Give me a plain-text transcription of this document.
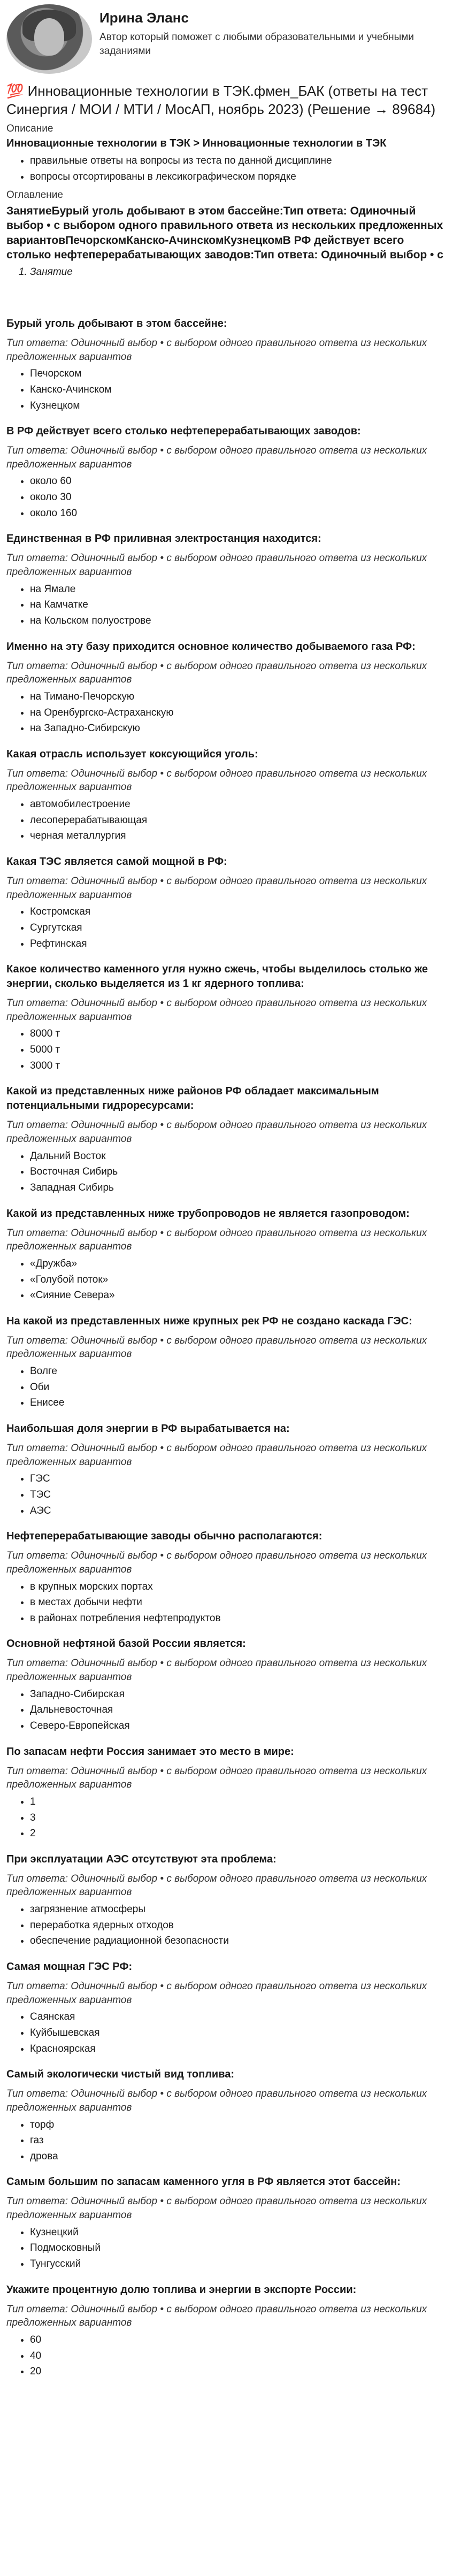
Ирина Эланс

Автор который поможет с любыми образовательными и учебными заданиями

💯 Инновационные технологии в ТЭК.фмен_БАК (ответы на тест Синергия / МОИ / МТИ / МосАП, ноябрь 2023) (Решение → 89684)
Описание
Инновационные технологии в ТЭК > Инновационные технологии в ТЭК
• правильные ответы на вопросы из теста по данной дисциплине
• вопросы отсортированы в лексикографическом порядке
Оглавление
ЗанятиеБурый уголь добывают в этом бассейне:Тип ответа: Одиночный выбор • с выбором одного правильного ответа из нескольких предложенных вариантовПечорскомКанско-АчинскомКузнецкомВ РФ действует всего столько нефтеперерабатывающих заводов:Тип ответа: Одиночный выбор • с
1. Занятие

Бурый уголь добывают в этом бассейне:

Тип ответа: Одиночный выбор • с выбором одного правильного ответа из нескольких предложенных вариантов

• Печорском
• Канско-Ачинском
• Кузнецком

В РФ действует всего столько нефтеперерабатывающих заводов:

Тип ответа: Одиночный выбор • с выбором одного правильного ответа из нескольких предложенных вариантов

• около 60
• около 30
• около 160

Единственная в РФ приливная электростанция находится:

Тип ответа: Одиночный выбор • с выбором одного правильного ответа из нескольких предложенных вариантов

• на Ямале
• на Камчатке
• на Кольском полуострове

Именно на эту базу приходится основное количество добываемого газа РФ:

Тип ответа: Одиночный выбор • с выбором одного правильного ответа из нескольких предложенных вариантов

• на Тимано-Печорскую
• на Оренбургско-Астраханскую
• на Западно-Сибирскую

Какая отрасль использует коксующийся уголь:

Тип ответа: Одиночный выбор • с выбором одного правильного ответа из нескольких предложенных вариантов

• автомобилестроение
• лесоперерабатывающая
• черная металлургия

Какая ТЭС является самой мощной в РФ:

Тип ответа: Одиночный выбор • с выбором одного правильного ответа из нескольких предложенных вариантов

• Костромская
• Сургутская
• Рефтинская

Какое количество каменного угля нужно сжечь, чтобы выделилось столько же энергии, сколько выделяется из 1 кг ядерного топлива:

Тип ответа: Одиночный выбор • с выбором одного правильного ответа из нескольких предложенных вариантов

• 8000 т
• 5000 т
• 3000 т

Какой из представленных ниже районов РФ обладает максимальным потенциальными гидроресурсами:

Тип ответа: Одиночный выбор • с выбором одного правильного ответа из нескольких предложенных вариантов

• Дальний Восток
• Восточная Сибирь
• Западная Сибирь

Какой из представленных ниже трубопроводов не является газопроводом:

Тип ответа: Одиночный выбор • с выбором одного правильного ответа из нескольких предложенных вариантов

• «Дружба»
• «Голубой поток»
• «Сияние Севера»

На какой из представленных ниже крупных рек РФ не создано каскада ГЭС:

Тип ответа: Одиночный выбор • с выбором одного правильного ответа из нескольких предложенных вариантов

• Волге
• Оби
• Енисее

Наибольшая доля энергии в РФ вырабатывается на:

Тип ответа: Одиночный выбор • с выбором одного правильного ответа из нескольких предложенных вариантов

• ГЭС
• ТЭС
• АЭС

Нефтеперерабатывающие заводы обычно располагаются:

Тип ответа: Одиночный выбор • с выбором одного правильного ответа из нескольких предложенных вариантов

• в крупных морских портах
• в местах добычи нефти
• в районах потребления нефтепродуктов

Основной нефтяной базой России является:

Тип ответа: Одиночный выбор • с выбором одного правильного ответа из нескольких предложенных вариантов

• Западно-Сибирская
• Дальневосточная
• Северо-Европейская

По запасам нефти Россия занимает это место в мире:

Тип ответа: Одиночный выбор • с выбором одного правильного ответа из нескольких предложенных вариантов

• 1
• 3
• 2

При эксплуатации АЭС отсутствуют эта проблема:

Тип ответа: Одиночный выбор • с выбором одного правильного ответа из нескольких предложенных вариантов

• загрязнение атмосферы
• переработка ядерных отходов
• обеспечение радиационной безопасности

Самая мощная ГЭС РФ:

Тип ответа: Одиночный выбор • с выбором одного правильного ответа из нескольких предложенных вариантов

• Саянская
• Куйбышевская
• Красноярская

Самый экологически чистый вид топлива:

Тип ответа: Одиночный выбор • с выбором одного правильного ответа из нескольких предложенных вариантов

• торф
• газ
• дрова

Самым большим по запасам каменного угля в РФ является этот бассейн:

Тип ответа: Одиночный выбор • с выбором одного правильного ответа из нескольких предложенных вариантов

• Кузнецкий
• Подмосковный
• Тунгусский

Укажите процентную долю топлива и энергии в экспорте России:

Тип ответа: Одиночный выбор • с выбором одного правильного ответа из нескольких предложенных вариантов

• 60
• 40
• 20
